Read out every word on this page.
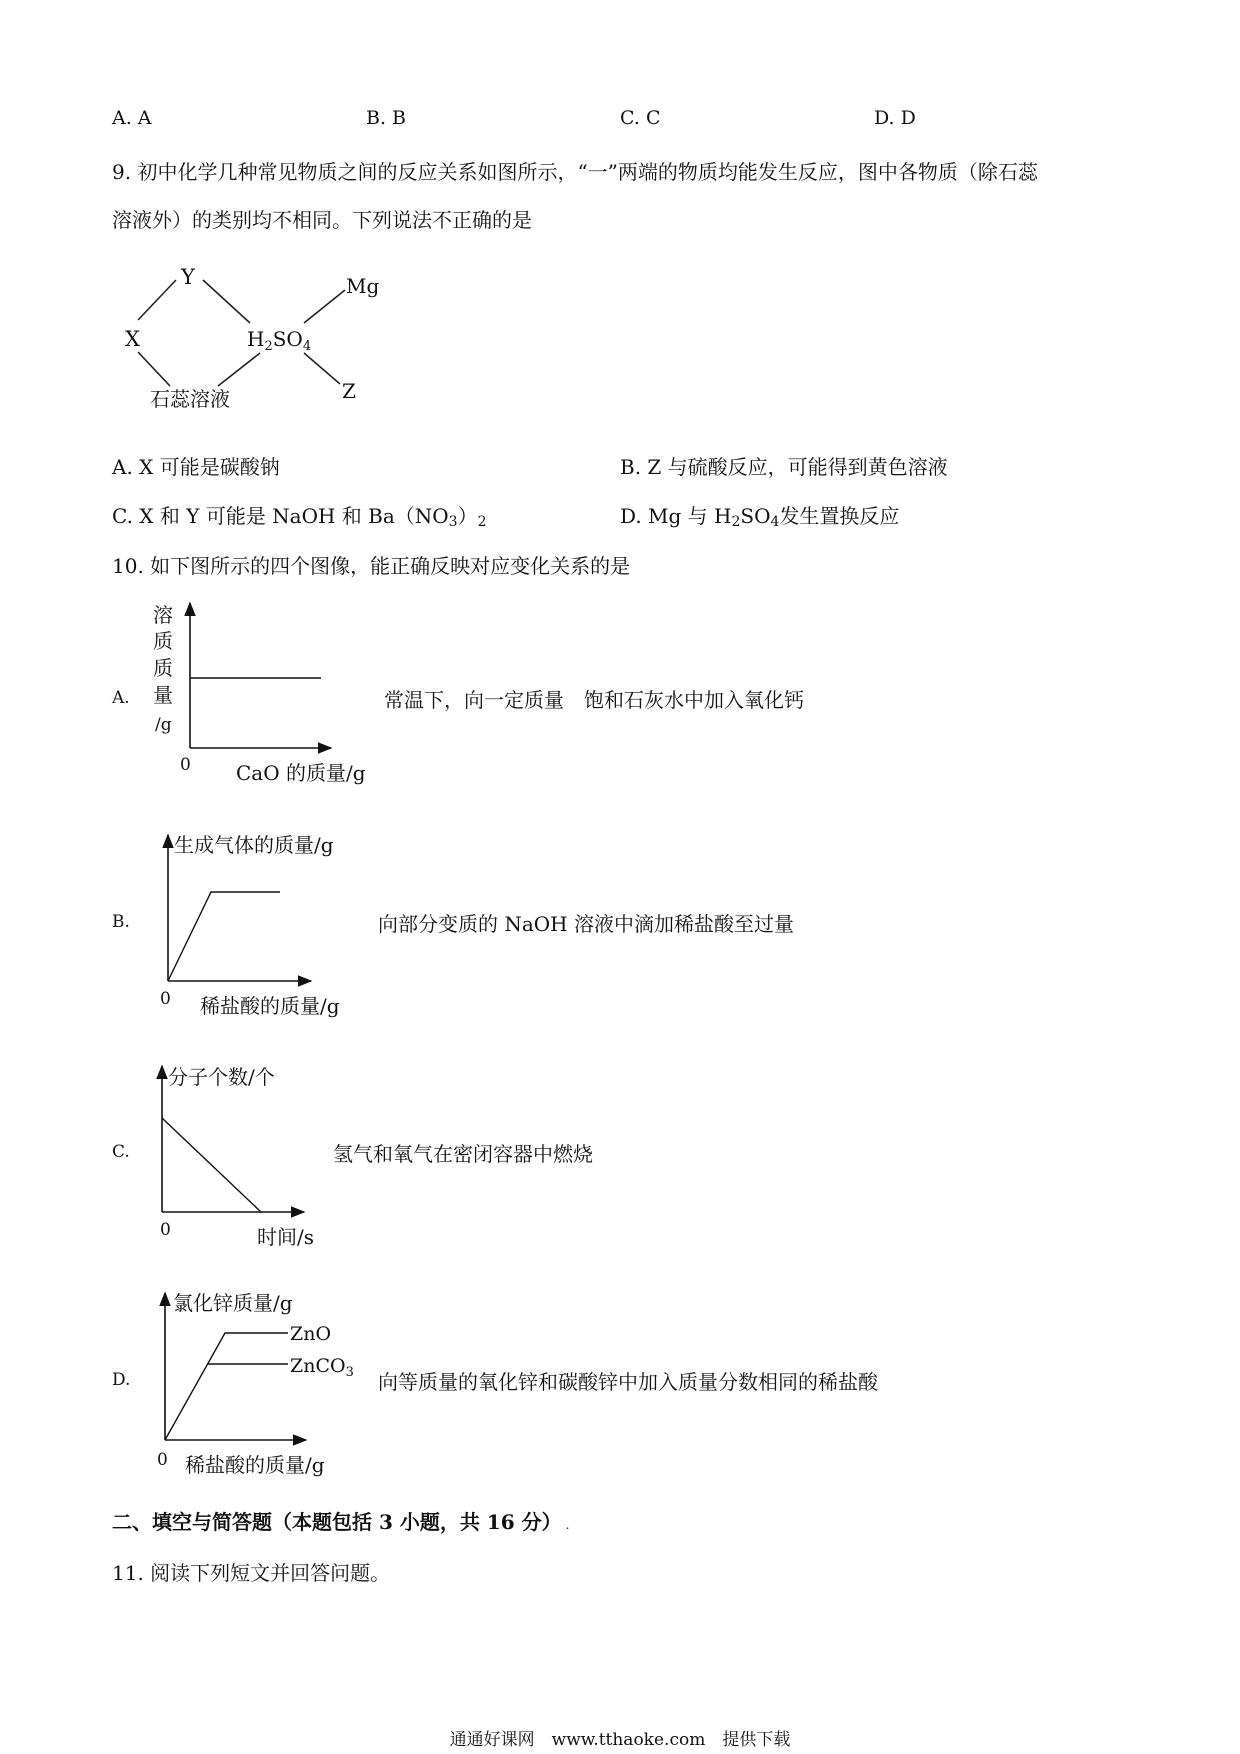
A. A	B. B	C. C	D. D
9. 初中化学几种常见物质之间的反应关系如图所示，“一”两端的物质均能发生反应，图中各物质（除石蕊
溶液外）的类别均不相同。下列说法不正确的是
Y
X
Mg
$H_2SO_4$
Z
石蕊溶液
A. X 可能是碳酸钠	B. Z 与硫酸反应，可能得到黄色溶液
C. X 和 Y 可能是 NaOH 和 $Ba(NO_3)_2$	D. Mg 与 $H_2SO_4$发生置换反应
10. 如下图所示的四个图像，能正确反映对应变化关系的是
A.	常温下，向一定质量　饱和石灰水中加入氧化钙
B.	向部分变质的 NaOH 溶液中滴加稀盐酸至过量
C.	氢气和氧气在密闭容器中燃烧
D.	向等质量的氧化锌和碳酸锌中加入质量分数相同的稀盐酸
溶
质
质
量
/g
0 CaO 的质量/g
生成气体的质量/g
0 稀盐酸的质量/g
分子个数/个
0	时间/s
氯化锌质量/g
ZnO
ZnCO$_3$
0 稀盐酸的质量/g
二、填空与简答题（本题包括 3 小题，共 16 分） .
11. 阅读下列短文并回答问题。
通通好课网　www.tthaoke.com　提供下载
